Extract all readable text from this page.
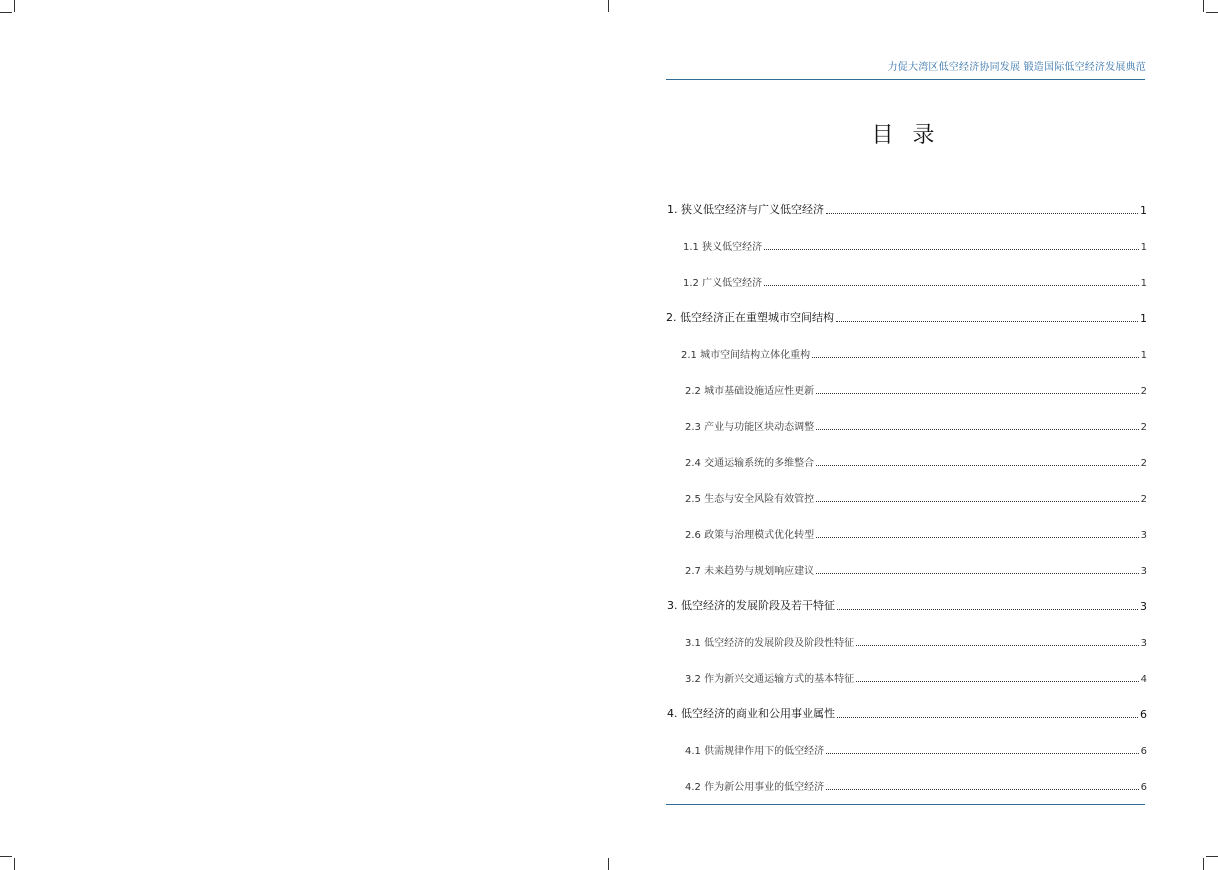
力促大湾区低空经济协同发展 锻造国际低空经济发展典范
目 录
1. 狭义低空经济与广义低空经济	1
1.1 狭义低空经济	1
1.2 广义低空经济	1
2. 低空经济正在重塑城市空间结构	1
2.1 城市空间结构立体化重构	1
2.2 城市基础设施适应性更新	2
2.3 产业与功能区块动态调整	2
2.4 交通运输系统的多维整合	2
2.5 生态与安全风险有效管控	2
2.6 政策与治理模式优化转型	3
2.7 未来趋势与规划响应建议	3
3. 低空经济的发展阶段及若干特征	3
3.1 低空经济的发展阶段及阶段性特征	3
3.2 作为新兴交通运输方式的基本特征	4
4. 低空经济的商业和公用事业属性	6
4.1 供需规律作用下的低空经济	6
4.2 作为新公用事业的低空经济	6
